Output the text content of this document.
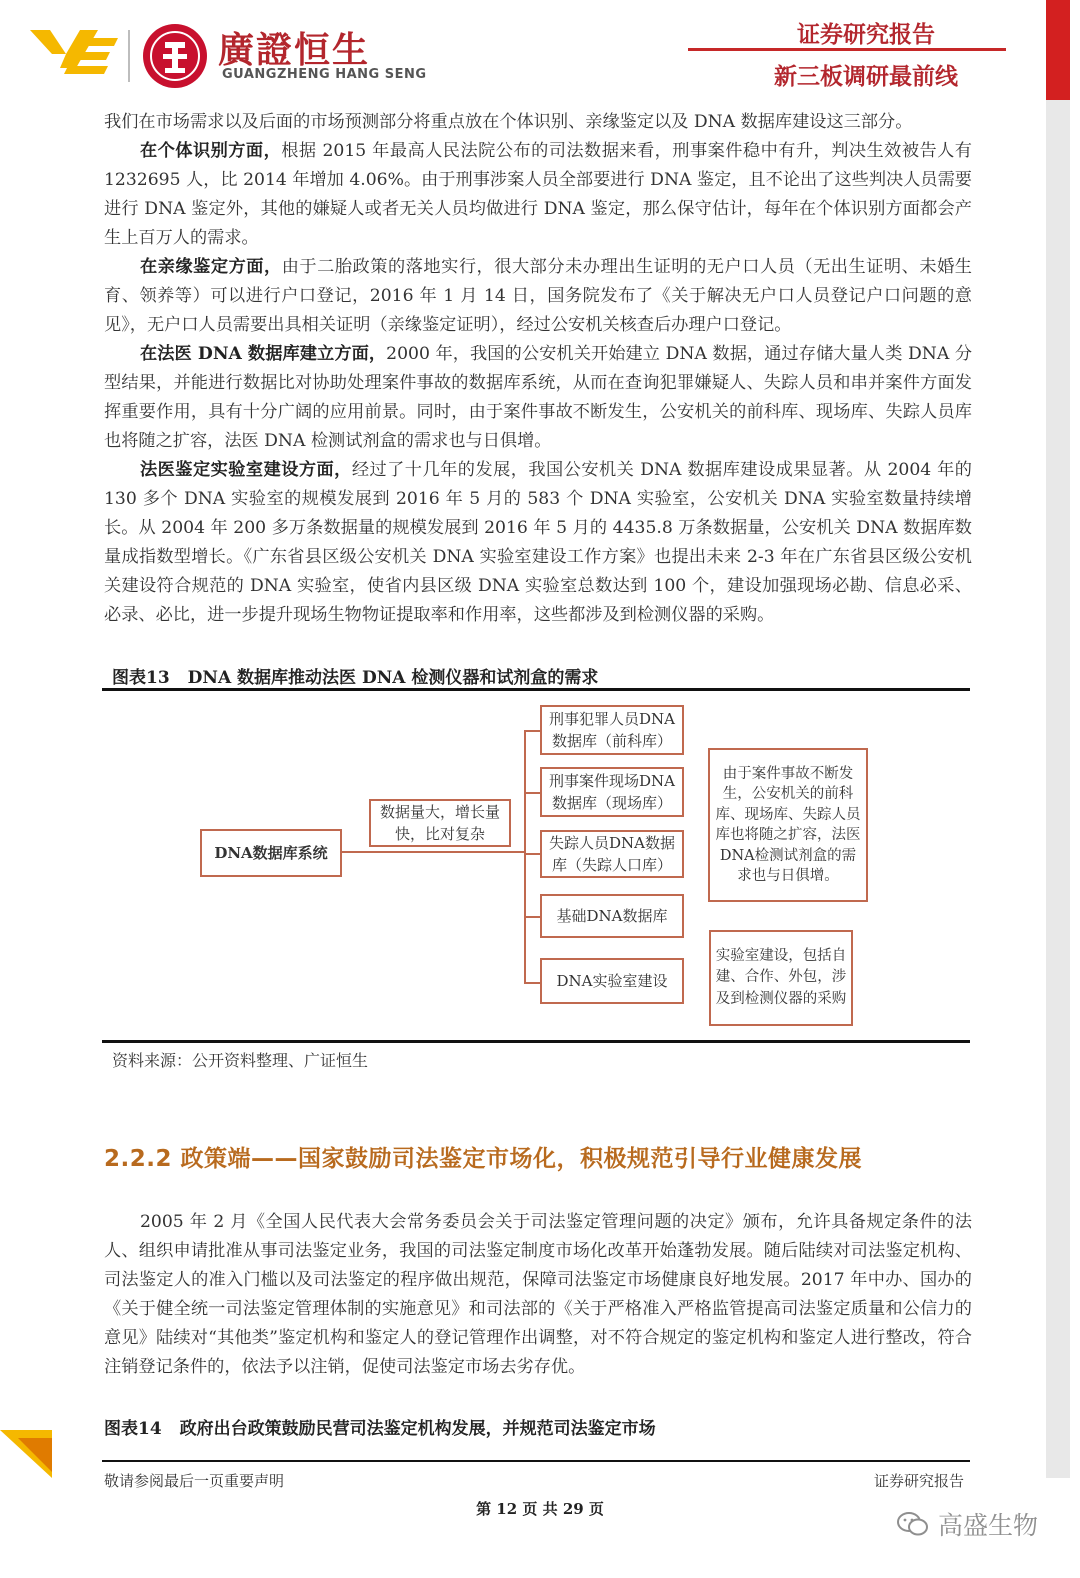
廣證恒生
GUANGZHENG HANG SENG
证券研究报告
新三板调研最前线
我们在市场需求以及后面的市场预测部分将重点放在个体识别、亲缘鉴定以及 DNA 数据库建设这三部分。
在个体识别方面，根据 2015 年最高人民法院公布的司法数据来看，刑事案件稳中有升，判决生效被告人有 1232695 人，比 2014 年增加 4.06%。由于刑事涉案人员全部要进行 DNA 鉴定，且不论出了这些判决人员需要进行 DNA 鉴定外，其他的嫌疑人或者无关人员均做进行 DNA 鉴定，那么保守估计，每年在个体识别方面都会产生上百万人的需求。
在亲缘鉴定方面，由于二胎政策的落地实行，很大部分未办理出生证明的无户口人员（无出生证明、未婚生育、领养等）可以进行户口登记，2016 年 1 月 14 日，国务院发布了《关于解决无户口人员登记户口问题的意见》，无户口人员需要出具相关证明（亲缘鉴定证明），经过公安机关核查后办理户口登记。
在法医 DNA 数据库建立方面，2000 年，我国的公安机关开始建立 DNA 数据，通过存储大量人类 DNA 分型结果，并能进行数据比对协助处理案件事故的数据库系统，从而在查询犯罪嫌疑人、失踪人员和串并案件方面发挥重要作用，具有十分广阔的应用前景。同时，由于案件事故不断发生，公安机关的前科库、现场库、失踪人员库也将随之扩容，法医 DNA 检测试剂盒的需求也与日俱增。
法医鉴定实验室建设方面，经过了十几年的发展，我国公安机关 DNA 数据库建设成果显著。从 2004 年的 130 多个 DNA 实验室的规模发展到 2016 年 5 月的 583 个 DNA 实验室，公安机关 DNA 实验室数量持续增长。从 2004 年 200 多万条数据量的规模发展到 2016 年 5 月的 4435.8 万条数据量，公安机关 DNA 数据库数量成指数型增长。《广东省县区级公安机关 DNA 实验室建设工作方案》也提出未来 2-3 年在广东省县区级公安机关建设符合规范的 DNA 实验室，使省内县区级 DNA 实验室总数达到 100 个，建设加强现场必勘、信息必采、必录、必比，进一步提升现场生物物证提取率和作用率，这些都涉及到检测仪器的采购。
图表13 DNA 数据库推动法医 DNA 检测仪器和试剂盒的需求
DNA数据库系统
数据量大，增长量快，比对复杂
刑事犯罪人员DNA数据库（前科库）
刑事案件现场DNA数据库（现场库）
失踪人员DNA数据库（失踪人口库）
基础DNA数据库
DNA实验室建设
由于案件事故不断发生，公安机关的前科库、现场库、失踪人员库也将随之扩容，法医DNA检测试剂盒的需求也与日俱增。
实验室建设，包括自建、合作、外包，涉及到检测仪器的采购
资料来源：公开资料整理、广证恒生
2.2.2 政策端——国家鼓励司法鉴定市场化，积极规范引导行业健康发展
2005 年 2 月《全国人民代表大会常务委员会关于司法鉴定管理问题的决定》颁布，允许具备规定条件的法人、组织申请批准从事司法鉴定业务，我国的司法鉴定制度市场化改革开始蓬勃发展。随后陆续对司法鉴定机构、司法鉴定人的准入门槛以及司法鉴定的程序做出规范，保障司法鉴定市场健康良好地发展。2017 年中办、国办的《关于健全统一司法鉴定管理体制的实施意见》和司法部的《关于严格准入严格监管提高司法鉴定质量和公信力的意见》陆续对“其他类”鉴定机构和鉴定人的登记管理作出调整，对不符合规定的鉴定机构和鉴定人进行整改，符合注销登记条件的，依法予以注销，促使司法鉴定市场去劣存优。
图表14 政府出台政策鼓励民营司法鉴定机构发展，并规范司法鉴定市场
敬请参阅最后一页重要声明	证券研究报告
第 12 页 共 29 页
高盛生物
